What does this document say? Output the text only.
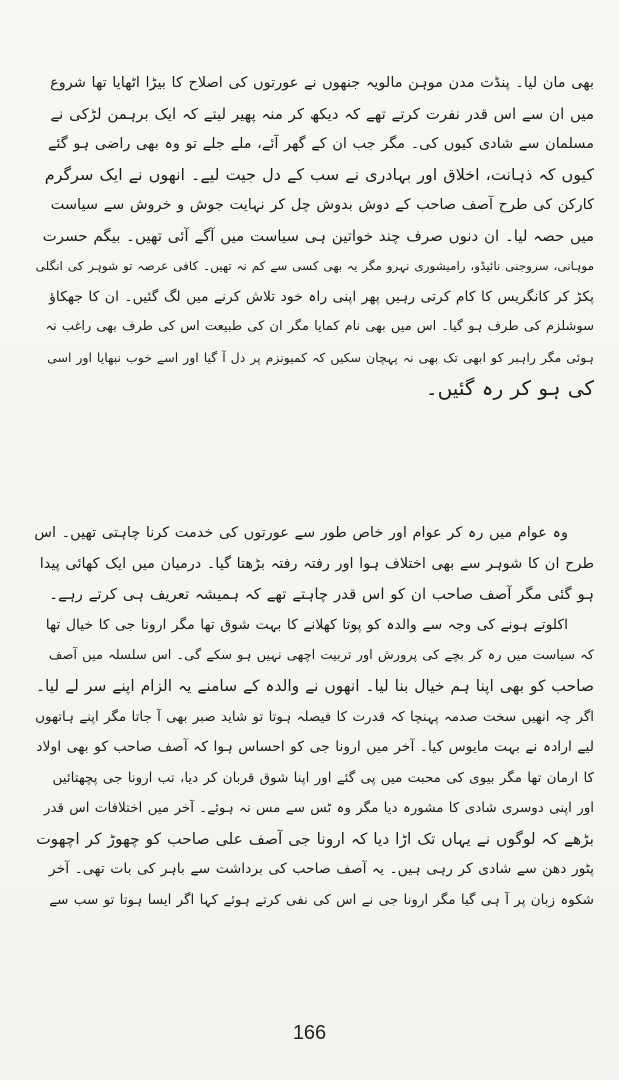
بھی مان لیا۔ پنڈت مدن موہن مالویہ جنھوں نے عورتوں کی اصلاح کا بیڑا اٹھایا تھا شروع
میں ان سے اس قدر نفرت کرتے تھے کہ دیکھ کر منہ پھیر لیتے کہ ایک برہمن لڑکی نے
مسلمان سے شادی کیوں کی۔ مگر جب ان کے گھر آئے، ملے جلے تو وہ بھی راضی ہو گئے
کیوں کہ ذہانت، اخلاق اور بہادری نے سب کے دل جیت لیے۔ انھوں نے ایک سرگرم
کارکن کی طرح آصف صاحب کے دوش بدوش چل کر نہایت جوش و خروش سے سیاست
میں حصہ لیا۔ ان دنوں صرف چند خواتین ہی سیاست میں آگے آئی تھیں۔ بیگم حسرت
موہانی، سروجنی نائیڈو، رامیشوری نہرو مگر یہ بھی کسی سے کم نہ تھیں۔ کافی عرصہ تو شوہر کی انگلی
پکڑ کر کانگریس کا کام کرتی رہیں پھر اپنی راہ خود تلاش کرنے میں لگ گئیں۔ ان کا جھکاؤ
سوشلزم کی طرف ہو گیا۔ اس میں بھی نام کمایا مگر ان کی طبیعت اس کی طرف بھی راغب نہ
ہوئی مگر راہبر کو ابھی تک بھی نہ پہچان سکیں کہ کمیونزم پر دل آ گیا اور اسے خوب نبھایا اور اسی
کی ہو کر رہ گئیں۔
وہ عوام میں رہ کر عوام اور خاص طور سے عورتوں کی خدمت کرنا چاہتی تھیں۔ اس
طرح ان کا شوہر سے بھی اختلاف ہوا اور رفتہ رفتہ بڑھتا گیا۔ درمیان میں ایک کھائی پیدا
ہو گئی مگر آصف صاحب ان کو اس قدر چاہتے تھے کہ ہمیشہ تعریف ہی کرتے رہے۔
اکلوتے ہونے کی وجہ سے والدہ کو پوتا کھلانے کا بہت شوق تھا مگر ارونا جی کا خیال تھا
کہ سیاست میں رہ کر بچے کی پرورش اور تربیت اچھی نہیں ہو سکے گی۔ اس سلسلہ میں آصف
صاحب کو بھی اپنا ہم خیال بنا لیا۔ انھوں نے والدہ کے سامنے یہ الزام اپنے سر لے لیا۔
اگر چہ انھیں سخت صدمہ پہنچا کہ قدرت کا فیصلہ ہوتا تو شاید صبر بھی آ جاتا مگر اپنے ہاتھوں
لیے ارادہ نے بہت مایوس کیا۔ آخر میں ارونا جی کو احساس ہوا کہ آصف صاحب کو بھی اولاد
کا ارمان تھا مگر بیوی کی محبت میں پی گئے اور اپنا شوق قربان کر دیا، تب ارونا جی پچھتائیں
اور اپنی دوسری شادی کا مشورہ دیا مگر وہ ٹس سے مس نہ ہوئے۔ آخر میں اختلافات اس قدر
بڑھے کہ لوگوں نے یہاں تک اڑا دیا کہ ارونا جی آصف علی صاحب کو چھوڑ کر اچھوت
پٹور دھن سے شادی کر رہی ہیں۔ یہ آصف صاحب کی برداشت سے باہر کی بات تھی۔ آخر
شکوہ زبان پر آ ہی گیا مگر ارونا جی نے اس کی نفی کرتے ہوئے کہا اگر ایسا ہوتا تو سب سے
166
